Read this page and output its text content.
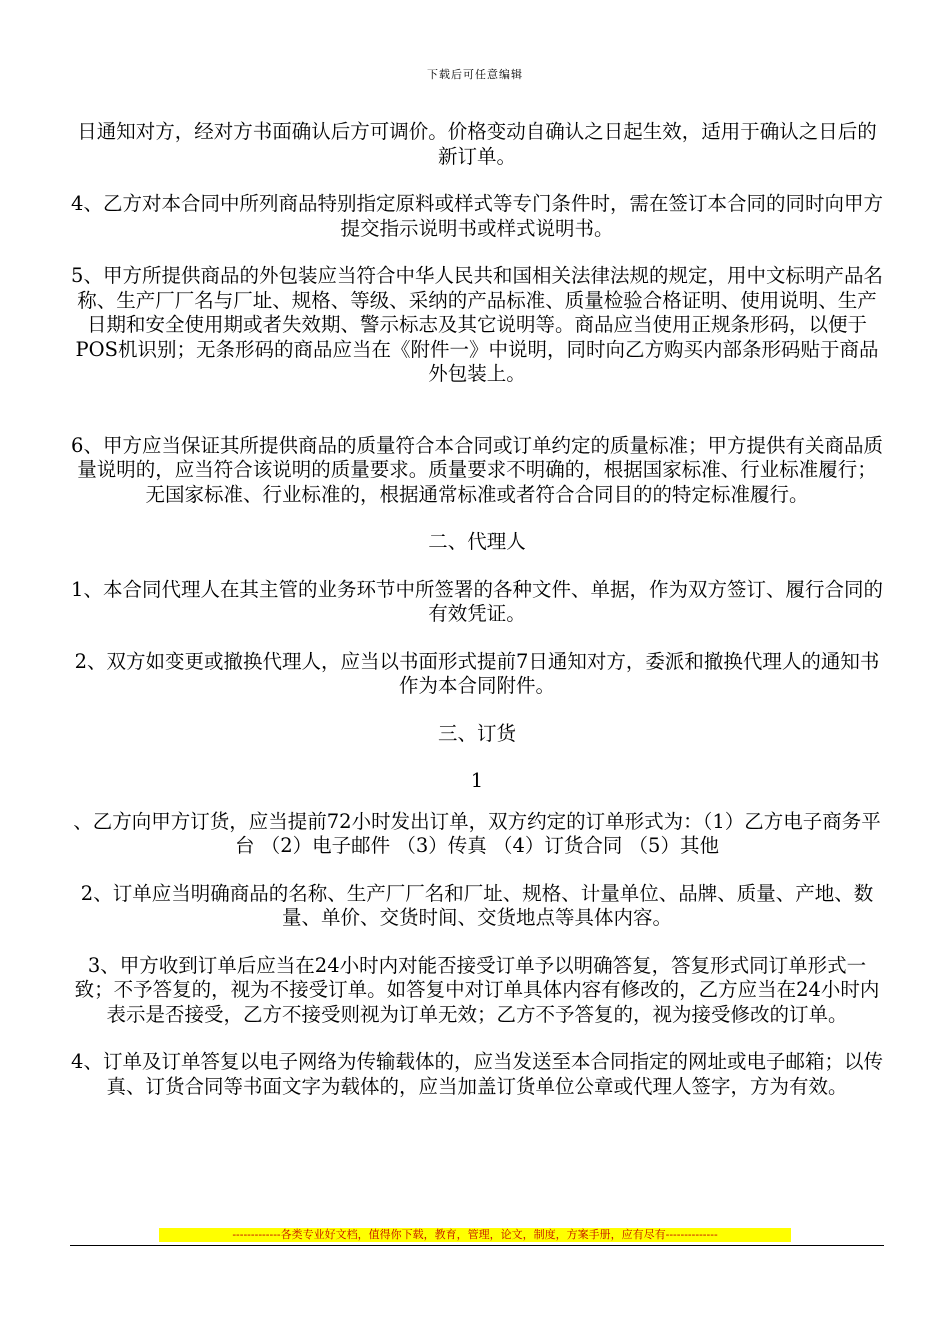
下载后可任意编辑

日通知对方，经对方书面确认后方可调价。价格变动自确认之日起生效，适用于确认之日后的新订单。

4、乙方对本合同中所列商品特别指定原料或样式等专门条件时，需在签订本合同的同时向甲方提交指示说明书或样式说明书。

5、甲方所提供商品的外包装应当符合中华人民共和国相关法律法规的规定，用中文标明产品名称、生产厂厂名与厂址、规格、等级、采纳的产品标准、质量检验合格证明、使用说明、生产日期和安全使用期或者失效期、警示标志及其它说明等。商品应当使用正规条形码，以便于POS机识别；无条形码的商品应当在《附件一》中说明，同时向乙方购买内部条形码贴于商品外包装上。

6、甲方应当保证其所提供商品的质量符合本合同或订单约定的质量标准；甲方提供有关商品质量说明的，应当符合该说明的质量要求。质量要求不明确的，根据国家标准、行业标准履行；无国家标准、行业标准的，根据通常标准或者符合合同目的的特定标准履行。

二、代理人

1、本合同代理人在其主管的业务环节中所签署的各种文件、单据，作为双方签订、履行合同的有效凭证。

2、双方如变更或撤换代理人，应当以书面形式提前7日通知对方，委派和撤换代理人的通知书作为本合同附件。

三、订货

1

、乙方向甲方订货，应当提前72小时发出订单，双方约定的订单形式为：（1）乙方电子商务平台 （2）电子邮件 （3）传真 （4）订货合同 （5）其他

2、订单应当明确商品的名称、生产厂厂名和厂址、规格、计量单位、品牌、质量、产地、数量、单价、交货时间、交货地点等具体内容。

3、甲方收到订单后应当在24小时内对能否接受订单予以明确答复，答复形式同订单形式一致；不予答复的，视为不接受订单。如答复中对订单具体内容有修改的，乙方应当在24小时内表示是否接受，乙方不接受则视为订单无效；乙方不予答复的，视为接受修改的订单。

4、订单及订单答复以电子网络为传输载体的，应当发送至本合同指定的网址或电子邮箱；以传真、订货合同等书面文字为载体的，应当加盖订货单位公章或代理人签字，方为有效。

-------------各类专业好文档，值得你下载，教育，管理，论文，制度，方案手册，应有尽有--------------
